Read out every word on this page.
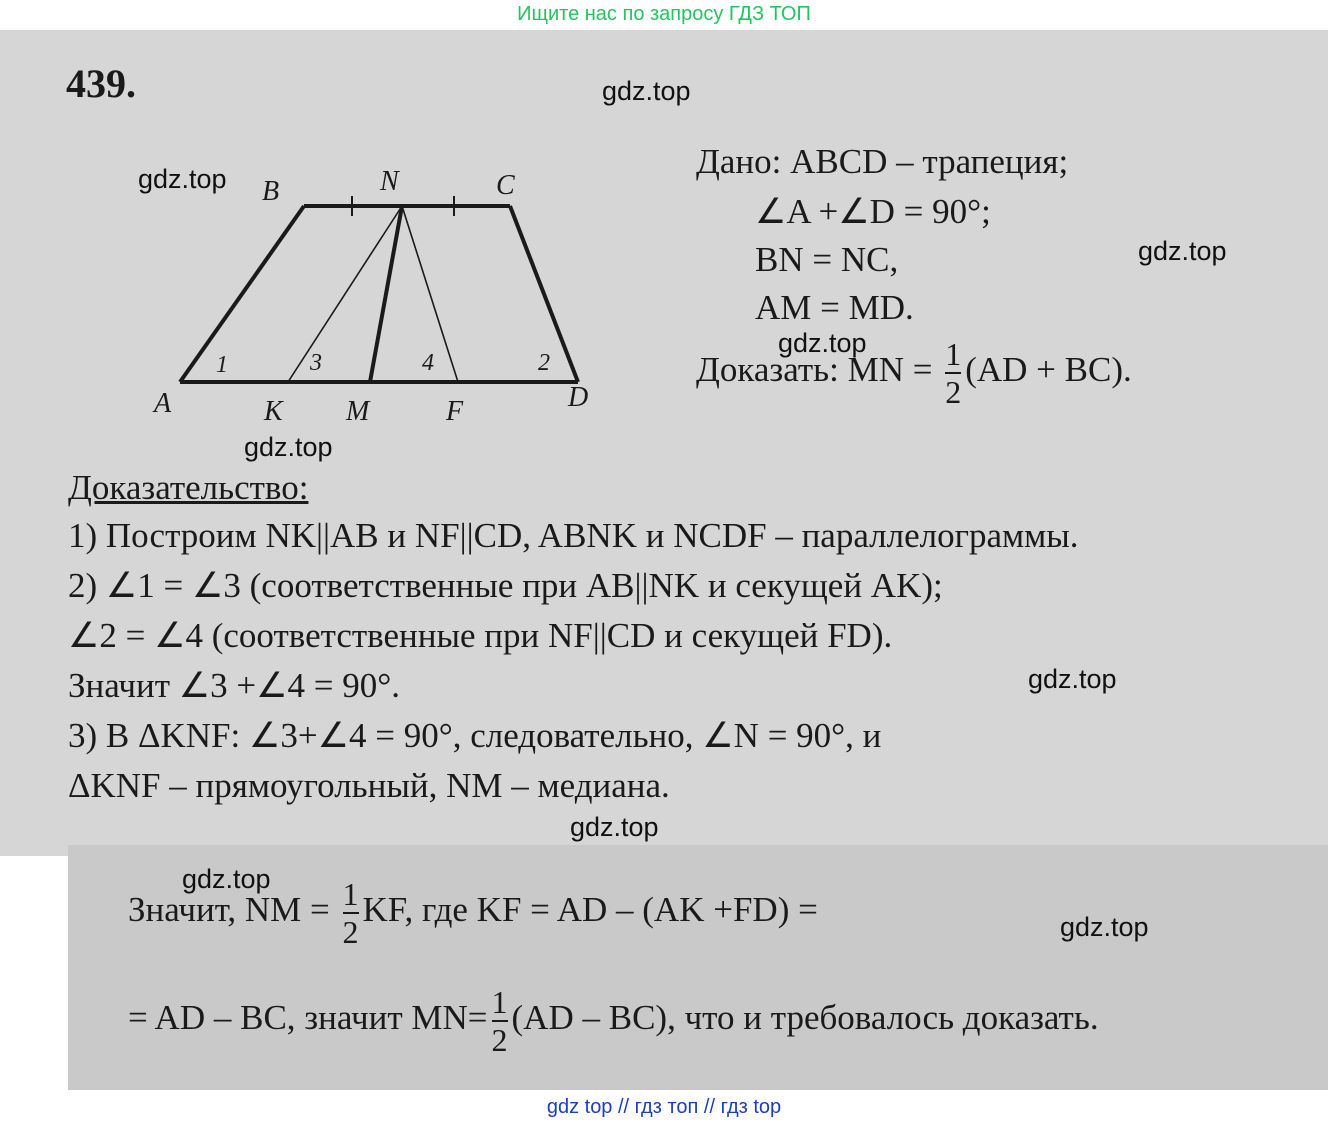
Ищите нас по запросу ГДЗ ТОП
439.
B	N	C
A	K M	F	D
1	3	4	2
Дано: ABCD – трапеция;
∠A +∠D = 90°;
BN = NC,
AM = MD.
Доказать: MN = $\frac{1}{2} (AD + BC)$.
Доказательство:
1) Построим NK||AB и NF||CD, ABNK и NCDF – параллелограммы.
2) ∠1 = ∠3 (соответственные при AB||NK и секущей AK);
∠2 = ∠4 (соответственные при NF||CD и секущей FD).
Значит ∠3 +∠4 = 90°.
3) В ΔKNF: ∠3+∠4 = 90°, следовательно, ∠N = 90°, и
ΔKNF – прямоугольный, NM – медиана.
Значит, NM = $\frac{1}{2}$ KF, где KF = AD – (AK +FD) =
= AD – BC, значит $MN= \frac{1}{2} (AD - BC)$, что и требовалось доказать.
gdz.top
gdz.top
gdz.top
gdz.top
gdz.top
gdz.top
gdz.top
gdz.top
gdz.top
gdz top // гдз топ // гдз top
